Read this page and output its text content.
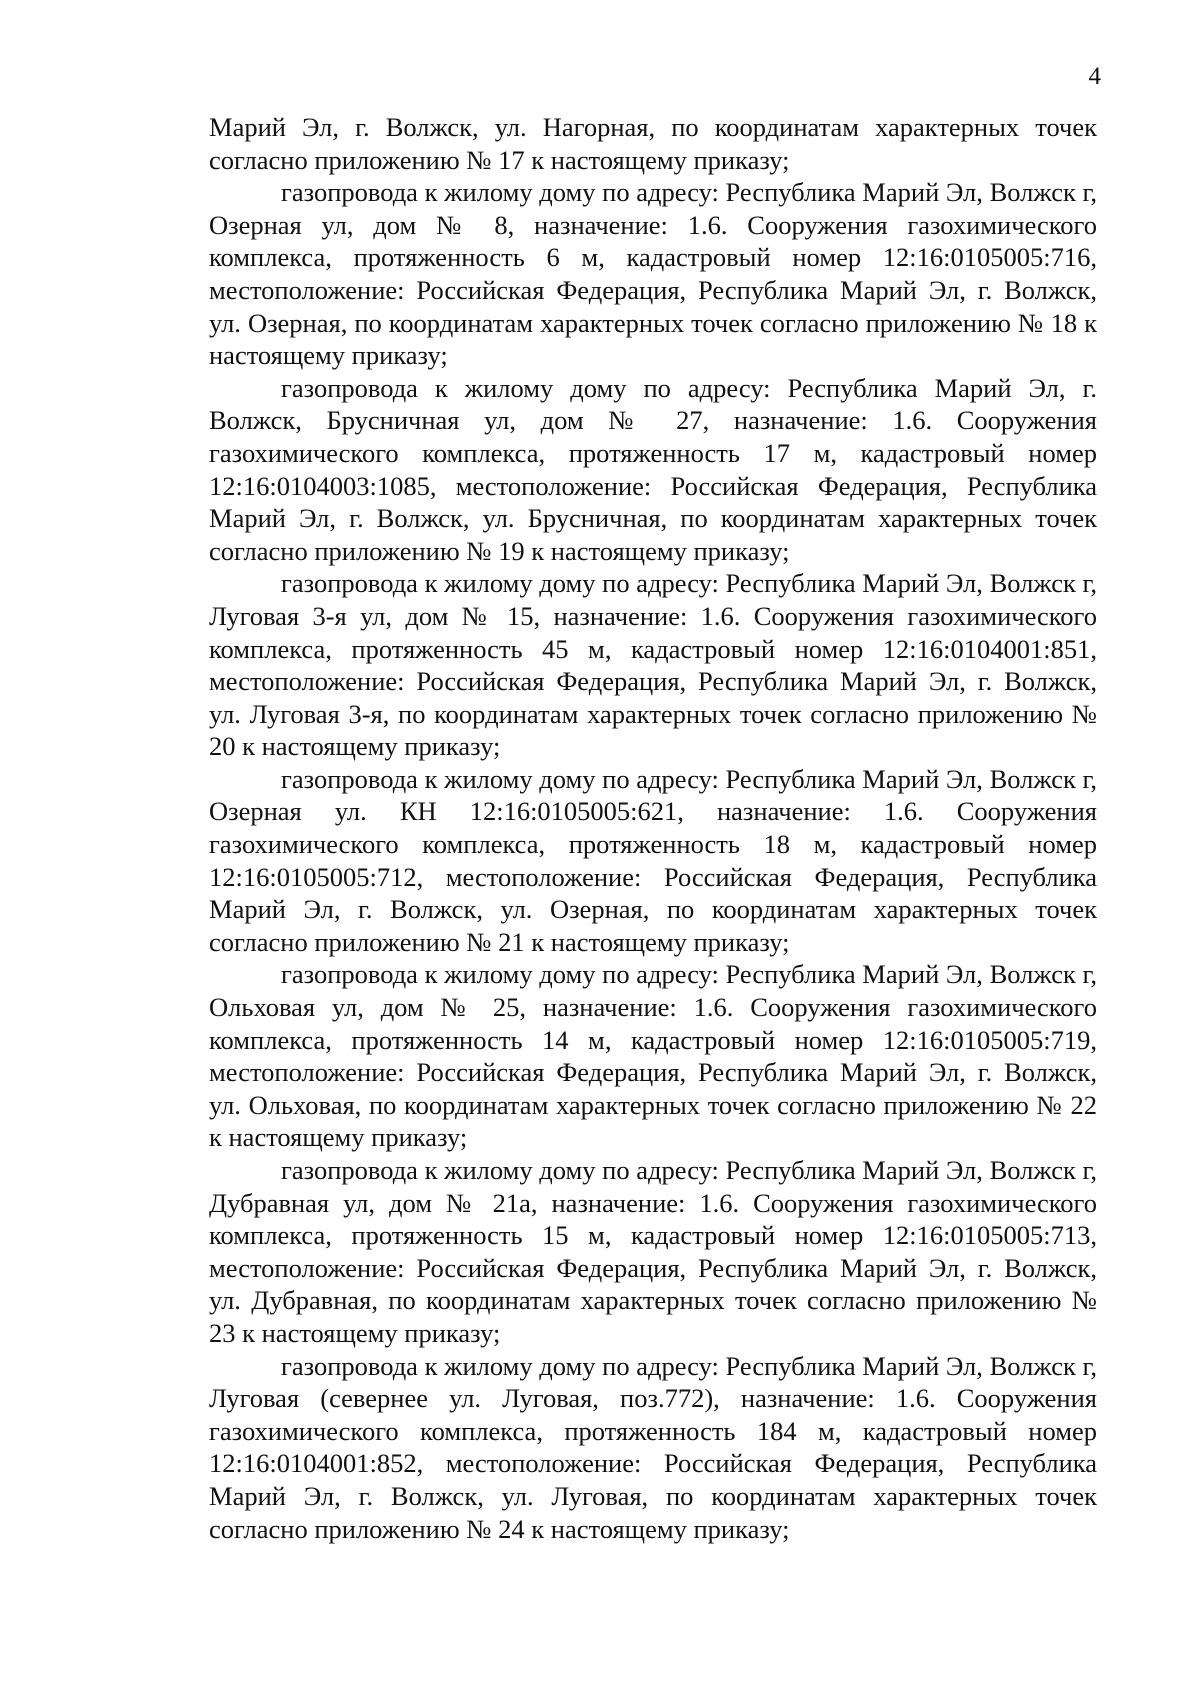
4

Марий Эл, г. Волжск, ул. Нагорная, по координатам характерных точек согласно приложению № 17 к настоящему приказу;

газопровода к жилому дому по адресу: Республика Марий Эл, Волжск г, Озерная ул, дом № 8, назначение: 1.6. Сооружения газохимического комплекса, протяженность 6 м, кадастровый номер 12:16:0105005:716, местоположение: Российская Федерация, Республика Марий Эл, г. Волжск, ул. Озерная, по координатам характерных точек согласно приложению № 18 к настоящему приказу;

газопровода к жилому дому по адресу: Республика Марий Эл, г. Волжск, Брусничная ул, дом № 27, назначение: 1.6. Сооружения газохимического комплекса, протяженность 17 м, кадастровый номер 12:16:0104003:1085, местоположение: Российская Федерация, Республика Марий Эл, г. Волжск, ул. Брусничная, по координатам характерных точек согласно приложению № 19 к настоящему приказу;

газопровода к жилому дому по адресу: Республика Марий Эл, Волжск г, Луговая 3-я ул, дом № 15, назначение: 1.6. Сооружения газохимического комплекса, протяженность 45 м, кадастровый номер 12:16:0104001:851, местоположение: Российская Федерация, Республика Марий Эл, г. Волжск, ул. Луговая 3-я, по координатам характерных точек согласно приложению № 20 к настоящему приказу;

газопровода к жилому дому по адресу: Республика Марий Эл, Волжск г, Озерная ул. КН 12:16:0105005:621, назначение: 1.6. Сооружения газохимического комплекса, протяженность 18 м, кадастровый номер 12:16:0105005:712, местоположение: Российская Федерация, Республика Марий Эл, г. Волжск, ул. Озерная, по координатам характерных точек согласно приложению № 21 к настоящему приказу;

газопровода к жилому дому по адресу: Республика Марий Эл, Волжск г, Ольховая ул, дом № 25, назначение: 1.6. Сооружения газохимического комплекса, протяженность 14 м, кадастровый номер 12:16:0105005:719, местоположение: Российская Федерация, Республика Марий Эл, г. Волжск, ул. Ольховая, по координатам характерных точек согласно приложению № 22 к настоящему приказу;

газопровода к жилому дому по адресу: Республика Марий Эл, Волжск г, Дубравная ул, дом № 21а, назначение: 1.6. Сооружения газохимического комплекса, протяженность 15 м, кадастровый номер 12:16:0105005:713, местоположение: Российская Федерация, Республика Марий Эл, г. Волжск, ул. Дубравная, по координатам характерных точек согласно приложению № 23 к настоящему приказу;

газопровода к жилому дому по адресу: Республика Марий Эл, Волжск г, Луговая (севернее ул. Луговая, поз.772), назначение: 1.6. Сооружения газохимического комплекса, протяженность 184 м, кадастровый номер 12:16:0104001:852, местоположение: Российская Федерация, Республика Марий Эл, г. Волжск, ул. Луговая, по координатам характерных точек согласно приложению № 24 к настоящему приказу;
